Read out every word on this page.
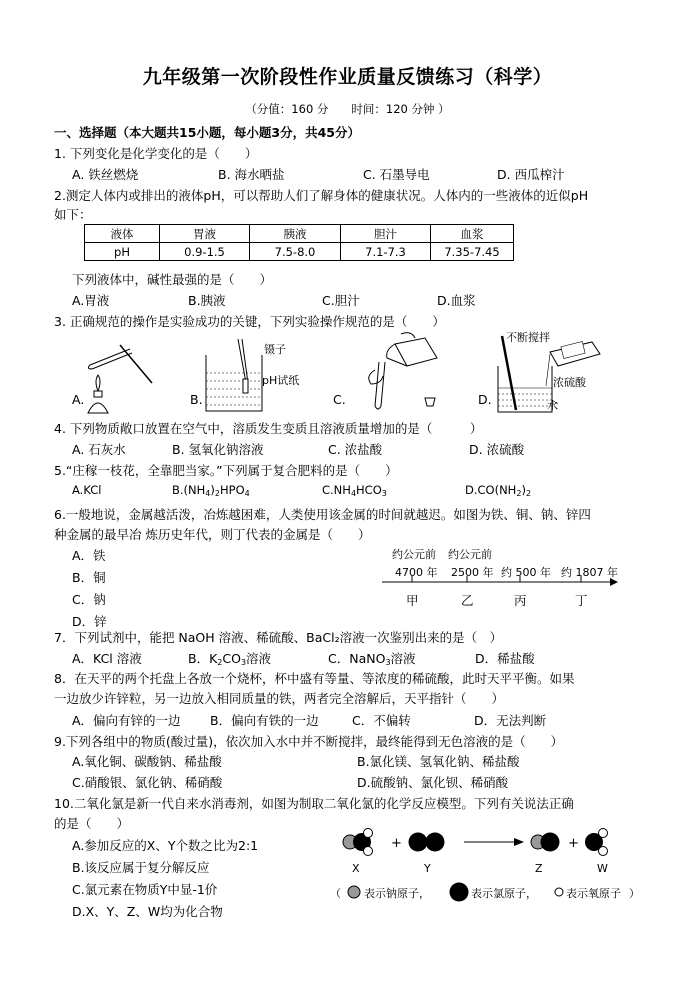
九年级第一次阶段性作业质量反馈练习（科学）
（分值：160 分　　时间：120 分钟 ）
一、选择题（本大题共15小题，每小题3分，共45分）
1. 下列变化是化学变化的是（　　）
A. 铁丝燃烧	B. 海水晒盐	C. 石墨导电	D. 西瓜榨汁
2.测定人体内或排出的液体pH，可以帮助人们了解身体的健康状况。人体内的一些液体的近似pH
如下：
液体	胃液	胰液	胆汁	血浆
pH	0.9-1.5	7.5-8.0	7.1-7.3	7.35-7.45
下列液体中，碱性最强的是（　　）
A.胃液	B.胰液	C.胆汁	D.血浆
3. 正确规范的操作是实验成功的关键，下列实验操作规范的是（　　）
A.	B.
镊子
pH试纸
C.	D.
不断搅拌
浓硫酸
水
4. 下列物质敞口放置在空气中，溶质发生变质且溶液质量增加的是（　　　）
A. 石灰水	B. 氢氧化钠溶液	C. 浓盐酸	D. 浓硫酸
5.“庄稼一枝花，全靠肥当家。”下列属于复合肥料的是（　　）
A.KCl	$B.(NH_4)_2HPO_4$	$C.NH_4HCO_3$	$D.CO(NH_2)_2$
6.一般地说，金属越活泼，冶炼越困难，人类使用该金属的时间就越迟。如图为铁、铜、钠、锌四
种金属的最早冶 炼历史年代，则丁代表的金属是（　　）
A．铁
B．铜
C．钠
D．锌
约公元前 约公元前
4700 年 2500 年 约 500 年 约 1807 年
甲	乙	丙	丁
7．下列试剂中，能把 NaOH 溶液、稀硫酸、BaCl₂溶液一次鉴别出来的是（　）
A．KCl 溶液	B．$K_2CO_3$溶液	C．NaNO$_3$溶液	D．稀盐酸
8．在天平的两个托盘上各放一个烧杯，杯中盛有等量、等浓度的稀硫酸，此时天平平衡。如果
一边放少许锌粒，另一边放入相同质量的铁，两者完全溶解后，天平指针（　　）
A．偏向有锌的一边 B．偏向有铁的一边	C．不偏转	D．无法判断
9.下列各组中的物质(酸过量)，依次加入水中并不断搅拌，最终能得到无色溶液的是（　　）
A.氧化铜、碳酸钠、稀盐酸	B.氯化镁、氢氧化钠、稀盐酸
C.硝酸银、氯化钠、稀硝酸	D.硫酸钠、氯化钡、稀硝酸
10.二氧化氯是新一代自来水消毒剂，如图为制取二氧化氯的化学反应模型。下列有关说法正确
的是（　　）
A.参加反应的X、Y个数之比为2:1
B.该反应属于复分解反应
C.氯元素在物质Y中显-1价
D.X、Y、Z、W均为化合物
+	+
X	Y	Z	W
（ 表示钠原子，	表示氯原子，	表示氧原子 ）
